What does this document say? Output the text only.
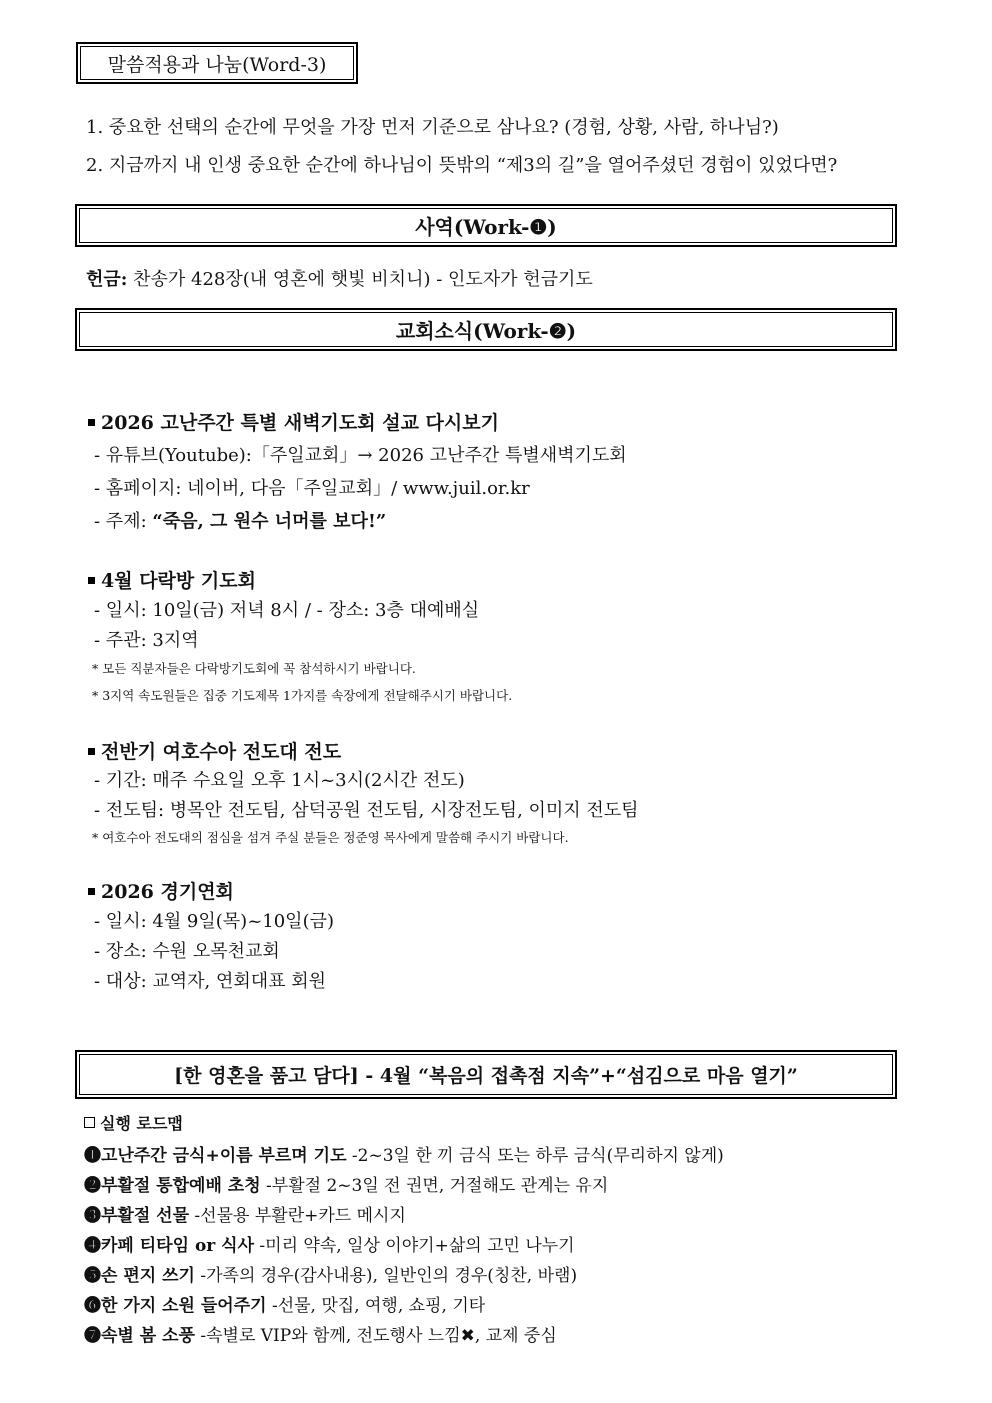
말씀적용과 나눔(Word-3)
1. 중요한 선택의 순간에 무엇을 가장 먼저 기준으로 삼나요? (경험, 상황, 사람, 하나님?)
2. 지금까지 내 인생 중요한 순간에 하나님이 뜻밖의 “제3의 길”을 열어주셨던 경험이 있었다면?
사역(Work-❶)
헌금: 찬송가 428장(내 영혼에 햇빛 비치니) - 인도자가 헌금기도
교회소식(Work-❷)
2026 고난주간 특별 새벽기도회 설교 다시보기
- 유튜브(Youtube):「주일교회」→ 2026 고난주간 특별새벽기도회
- 홈페이지: 네이버, 다음「주일교회」/ www.juil.or.kr
- 주제: “죽음, 그 원수 너머를 보다!”
4월 다락방 기도회
- 일시: 10일(금) 저녁 8시 / - 장소: 3층 대예배실
- 주관: 3지역
* 모든 직분자들은 다락방기도회에 꼭 참석하시기 바랍니다.
* 3지역 속도원들은 집중 기도제목 1가지를 속장에게 전달해주시기 바랍니다.
전반기 여호수아 전도대 전도
- 기간: 매주 수요일 오후 1시~3시(2시간 전도)
- 전도팀: 병목안 전도팀, 삼덕공원 전도팀, 시장전도팀, 이미지 전도팀
* 여호수아 전도대의 점심을 섬겨 주실 분들은 정준영 목사에게 말씀해 주시기 바랍니다.
2026 경기연회
- 일시: 4월 9일(목)~10일(금)
- 장소: 수원 오목천교회
- 대상: 교역자, 연회대표 회원
[한 영혼을 품고 담다] - 4월 “복음의 접촉점 지속”+“섬김으로 마음 열기”
실행 로드맵
❶고난주간 금식+이름 부르며 기도 -2~3일 한 끼 금식 또는 하루 금식(무리하지 않게)
❷부활절 통합예배 초청 -부활절 2~3일 전 권면, 거절해도 관계는 유지
❸부활절 선물 -선물용 부활란+카드 메시지
❹카페 티타임 or 식사 -미리 약속, 일상 이야기+삶의 고민 나누기
❺손 편지 쓰기 -가족의 경우(감사내용), 일반인의 경우(칭찬, 바램)
❻한 가지 소원 들어주기 -선물, 맛집, 여행, 쇼핑, 기타
❼속별 봄 소풍 -속별로 VIP와 함께, 전도행사 느낌✖, 교제 중심
